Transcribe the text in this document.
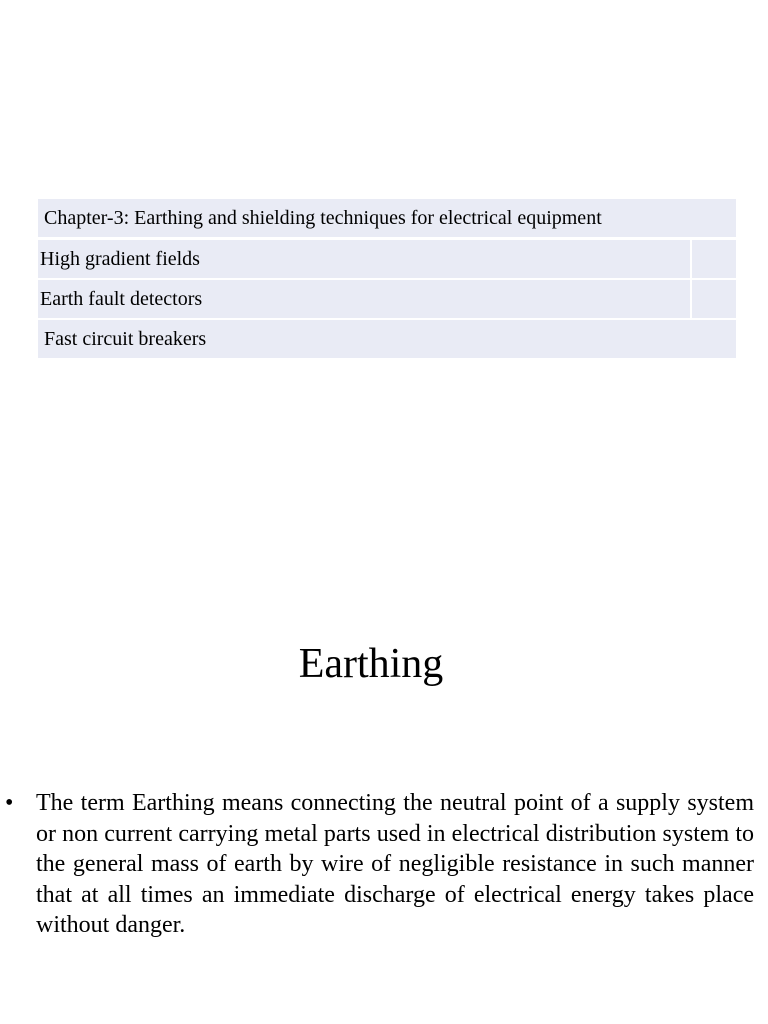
Chapter-3: Earthing and shielding techniques for electrical equipment
High gradient fields
Earth fault detectors
Fast circuit breakers
Earthing
• The term Earthing means connecting the neutral point of a supply system or non current carrying metal parts used in electrical distribution system to the general mass of earth by wire of negligible resistance in such manner that at all times an immediate discharge of electrical energy takes place without danger.
